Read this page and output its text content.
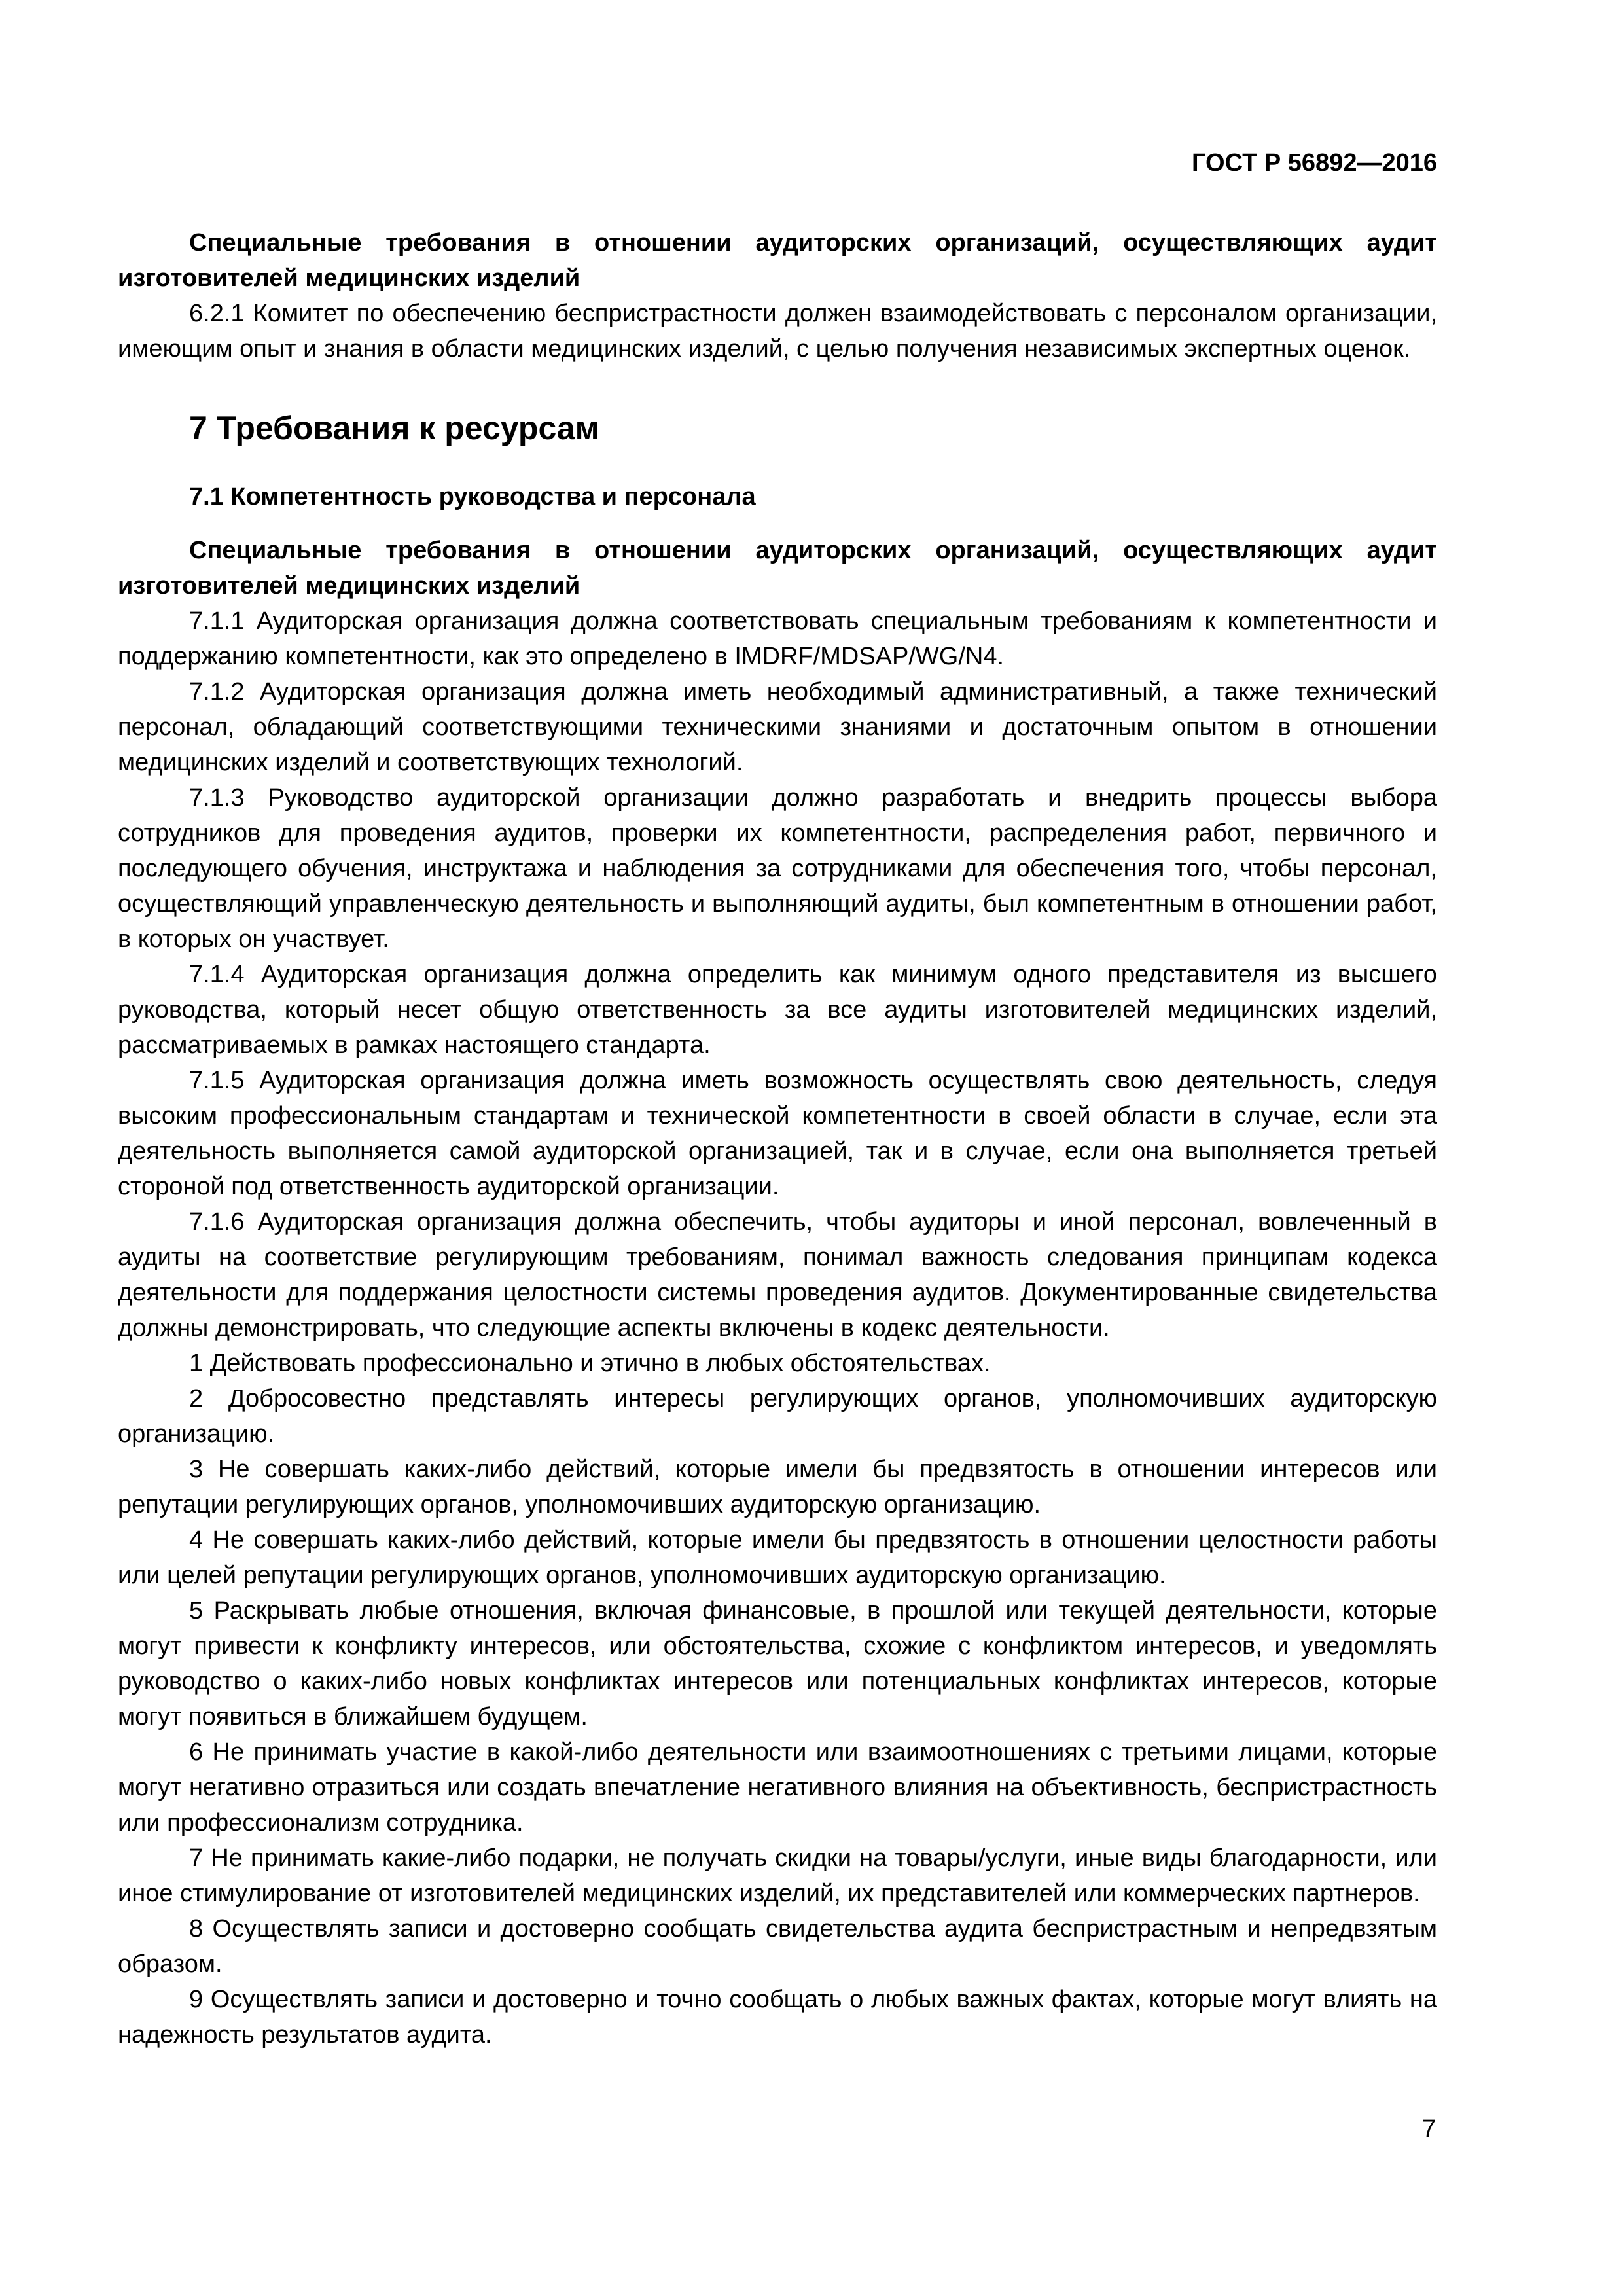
ГОСТ Р 56892—2016

Специальные требования в отношении аудиторских организаций, осуществляющих аудит изготовителей медицинских изделий

6.2.1 Комитет по обеспечению беспристрастности должен взаимодействовать с персоналом организации, имеющим опыт и знания в области медицинских изделий, с целью получения независимых экспертных оценок.

7 Требования к ресурсам

7.1 Компетентность руководства и персонала

Специальные требования в отношении аудиторских организаций, осуществляющих аудит изготовителей медицинских изделий

7.1.1 Аудиторская организация должна соответствовать специальным требованиям к компетентности и поддержанию компетентности, как это определено в IMDRF/MDSAP/WG/N4.

7.1.2 Аудиторская организация должна иметь необходимый административный, а также технический персонал, обладающий соответствующими техническими знаниями и достаточным опытом в отношении медицинских изделий и соответствующих технологий.

7.1.3 Руководство аудиторской организации должно разработать и внедрить процессы выбора сотрудников для проведения аудитов, проверки их компетентности, распределения работ, первичного и последующего обучения, инструктажа и наблюдения за сотрудниками для обеспечения того, чтобы персонал, осуществляющий управленческую деятельность и выполняющий аудиты, был компетентным в отношении работ, в которых он участвует.

7.1.4 Аудиторская организация должна определить как минимум одного представителя из высшего руководства, который несет общую ответственность за все аудиты изготовителей медицинских изделий, рассматриваемых в рамках настоящего стандарта.

7.1.5 Аудиторская организация должна иметь возможность осуществлять свою деятельность, следуя высоким профессиональным стандартам и технической компетентности в своей области в случае, если эта деятельность выполняется самой аудиторской организацией, так и в случае, если она выполняется третьей стороной под ответственность аудиторской организации.

7.1.6 Аудиторская организация должна обеспечить, чтобы аудиторы и иной персонал, вовлеченный в аудиты на соответствие регулирующим требованиям, понимал важность следования принципам кодекса деятельности для поддержания целостности системы проведения аудитов. Документированные свидетельства должны демонстрировать, что следующие аспекты включены в кодекс деятельности.

1 Действовать профессионально и этично в любых обстоятельствах.

2 Добросовестно представлять интересы регулирующих органов, уполномочивших аудиторскую организацию.

3 Не совершать каких-либо действий, которые имели бы предвзятость в отношении интересов или репутации регулирующих органов, уполномочивших аудиторскую организацию.

4 Не совершать каких-либо действий, которые имели бы предвзятость в отношении целостности работы или целей репутации регулирующих органов, уполномочивших аудиторскую организацию.

5 Раскрывать любые отношения, включая финансовые, в прошлой или текущей деятельности, которые могут привести к конфликту интересов, или обстоятельства, схожие с конфликтом интересов, и уведомлять руководство о каких-либо новых конфликтах интересов или потенциальных конфликтах интересов, которые могут появиться в ближайшем будущем.

6 Не принимать участие в какой-либо деятельности или взаимоотношениях с третьими лицами, которые могут негативно отразиться или создать впечатление негативного влияния на объективность, беспристрастность или профессионализм сотрудника.

7 Не принимать какие-либо подарки, не получать скидки на товары/услуги, иные виды благодарности, или иное стимулирование от изготовителей медицинских изделий, их представителей или коммерческих партнеров.

8 Осуществлять записи и достоверно сообщать свидетельства аудита беспристрастным и непредвзятым образом.

9 Осуществлять записи и достоверно и точно сообщать о любых важных фактах, которые могут влиять на надежность результатов аудита.

7
